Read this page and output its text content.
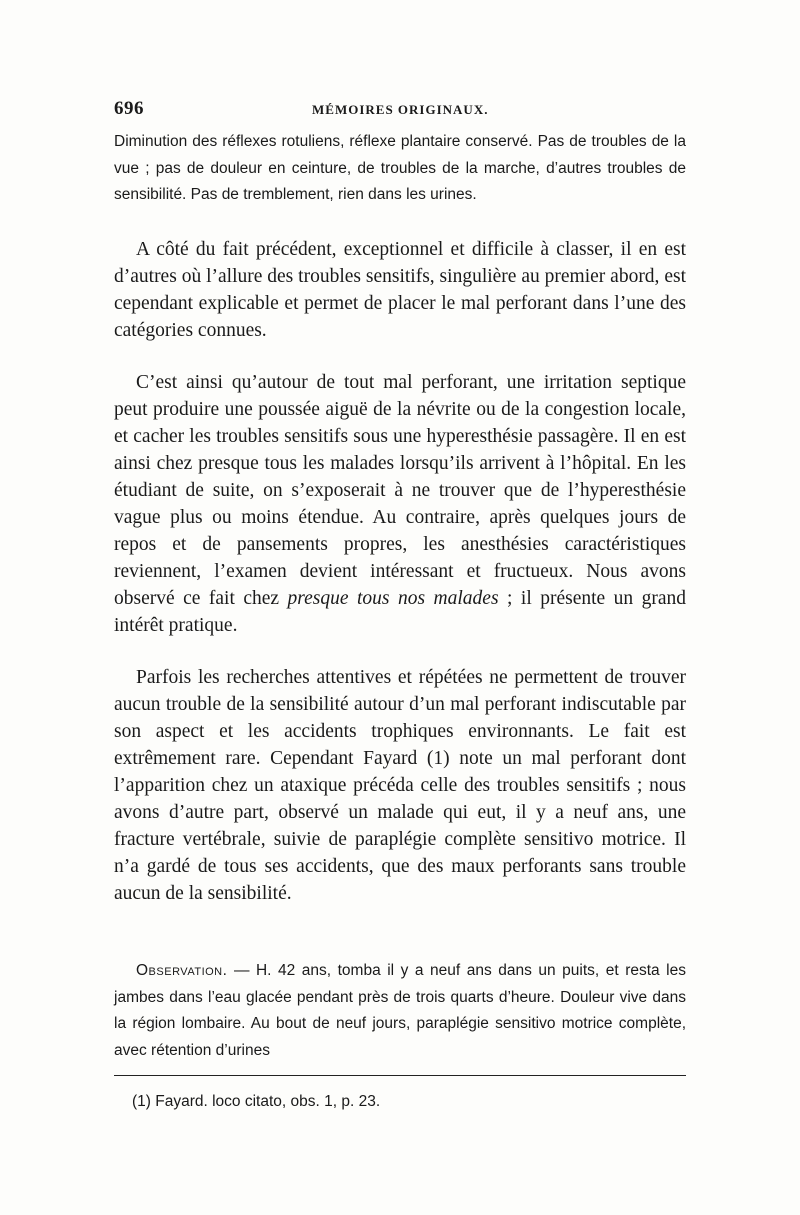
696	MÉMOIRES ORIGINAUX.

Diminution des réflexes rotuliens, réflexe plantaire conservé. Pas de troubles de la vue ; pas de douleur en ceinture, de troubles de la marche, d’autres troubles de sensibilité. Pas de tremblement, rien dans les urines.

A côté du fait précédent, exceptionnel et difficile à classer, il en est d’autres où l’allure des troubles sensitifs, singulière au premier abord, est cependant explicable et permet de placer le mal perforant dans l’une des catégories connues.

C’est ainsi qu’autour de tout mal perforant, une irritation septique peut produire une poussée aiguë de la névrite ou de la congestion locale, et cacher les troubles sensitifs sous une hyperesthésie passagère. Il en est ainsi chez presque tous les malades lorsqu’ils arrivent à l’hôpital. En les étudiant de suite, on s’exposerait à ne trouver que de l’hyperesthésie vague plus ou moins étendue. Au contraire, après quelques jours de repos et de pansements propres, les anesthésies caractéristiques reviennent, l’examen devient intéressant et fructueux. Nous avons observé ce fait chez presque tous nos malades ; il présente un grand intérêt pratique.

Parfois les recherches attentives et répétées ne permettent de trouver aucun trouble de la sensibilité autour d’un mal perforant indiscutable par son aspect et les accidents trophiques environnants. Le fait est extrêmement rare. Cependant Fayard (1) note un mal perforant dont l’apparition chez un ataxique précéda celle des troubles sensitifs ; nous avons d’autre part, observé un malade qui eut, il y a neuf ans, une fracture vertébrale, suivie de paraplégie complète sensitivo motrice. Il n’a gardé de tous ses accidents, que des maux perforants sans trouble aucun de la sensibilité.

Observation. — H. 42 ans, tomba il y a neuf ans dans un puits, et resta les jambes dans l’eau glacée pendant près de trois quarts d’heure. Douleur vive dans la région lombaire. Au bout de neuf jours, paraplégie sensitivo motrice complète, avec rétention d’urines

(1) Fayard. loco citato, obs. 1, p. 23.
